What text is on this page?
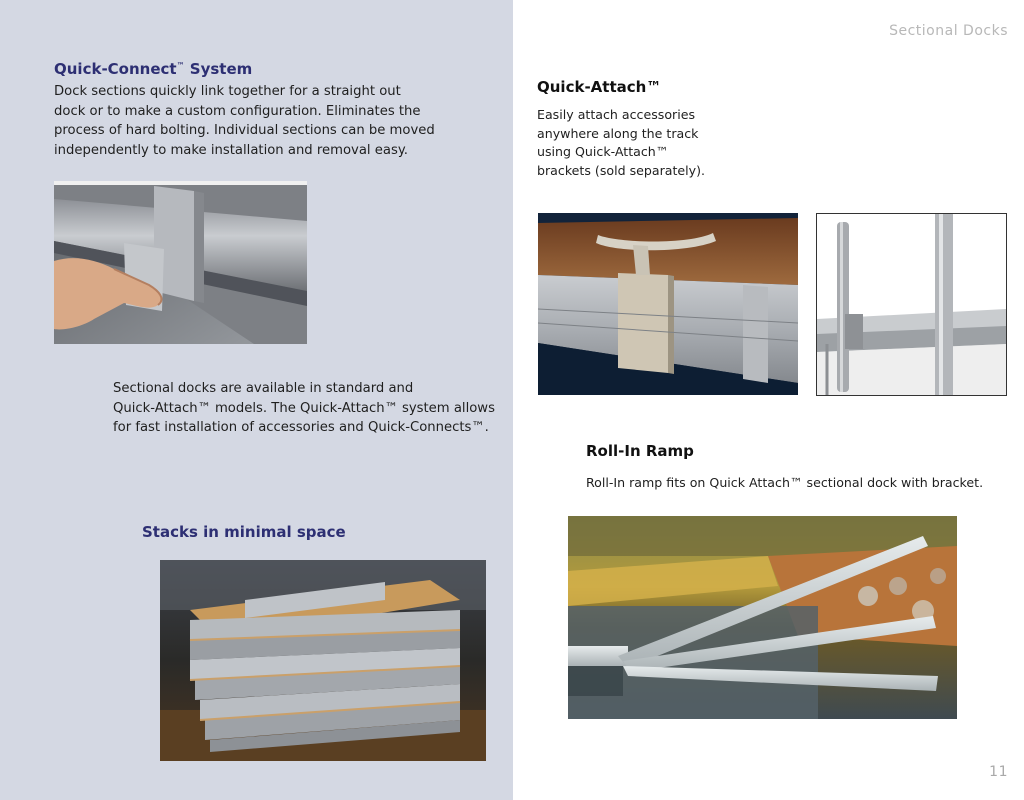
Sectional Docks
Quick-Connect™ System

Dock sections quickly link together for a straight out

dock or to make a custom configuration. Eliminates the

process of hard bolting. Individual sections can be moved

independently to make installation and removal easy.

Sectional docks are available in standard and

Quick-Attach™ models. The Quick-Attach™ system allows

for fast installation of accessories and Quick-Connects™.

Stacks in minimal space
Quick-Attach™

Easily attach accessories

anywhere along the track

using Quick-Attach™

brackets (sold separately).

Roll-In Ramp

Roll-In ramp fits on Quick Attach™ sectional dock with bracket.

11
